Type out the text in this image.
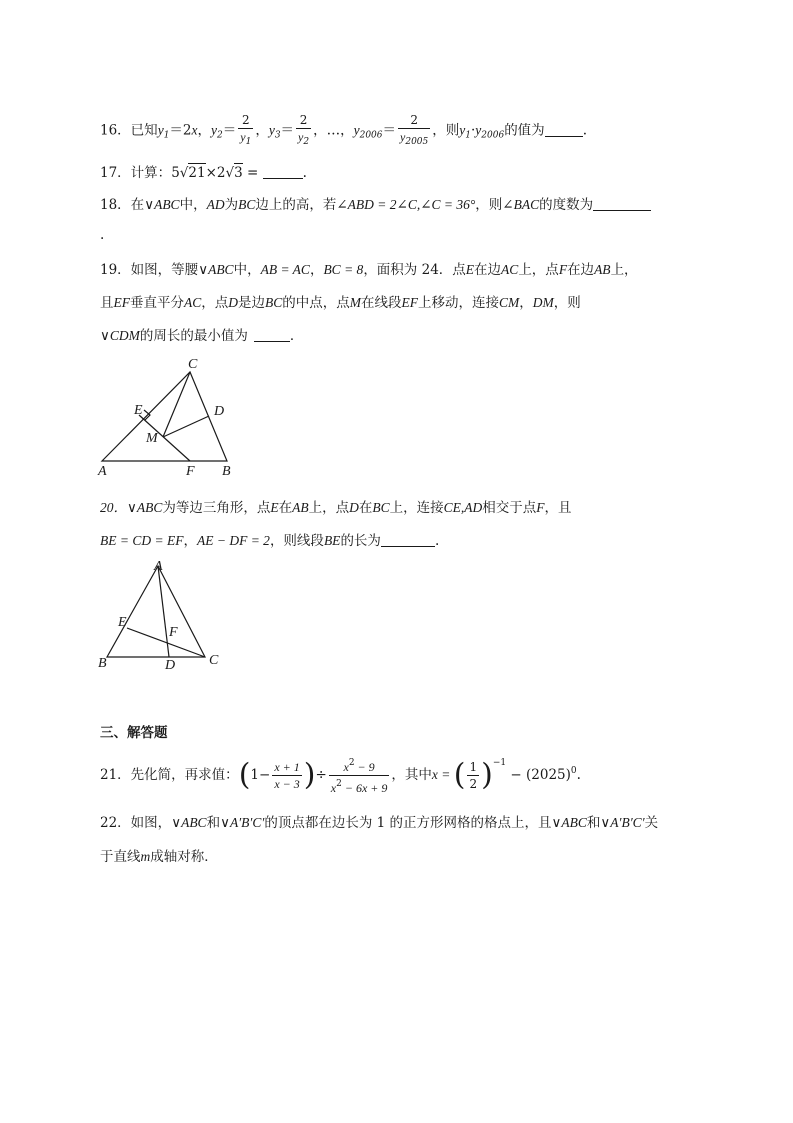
16．已知$y_1=2x$，$y_2= \frac{2}{y_1}$ ，$y_3= \frac{2}{y_2}$ ，…，$y_{2006}= \frac{2}{y_{2005}}$ ，则$y_1\cdot y_{2006}$的值为	.
17．计算：5√21×2√3 =	.
18．在∨ABC中，AD为BC边上的高，若∠ABD = 2∠C,∠C = 36°，则∠BAC的度数为
.
19．如图，等腰∨ABC中，AB = AC，BC = 8，面积为 24．点E在边AC上，点F在边AB上，
且EF垂直平分AC，点D是边BC的中点，点M在线段EF上移动，连接CM，DM，则
∨CDM的周长的最小值为	．
C
E	D
M
A	F B
20．∨ABC为等边三角形，点E在AB上，点D在BC上，连接CE,AD相交于点F，且
BE = CD = EF，AE − DF = 2，则线段BE的长为	.
A
E
F
B	D C
三、解答题
21．先化简，再求值：($1- \frac{x + 1}{x - 3}$ )÷ $\frac{x^2 - 9}{x^2 - 6x + 9}$ ，其中x = ( $\frac{1}{2} )^{-1} - (2025)^0$.
22．如图，∨ABC和∨A′B′C′的顶点都在边长为 1 的正方形网格的格点上，且∨ABC和∨A′B′C′关
于直线m成轴对称．
